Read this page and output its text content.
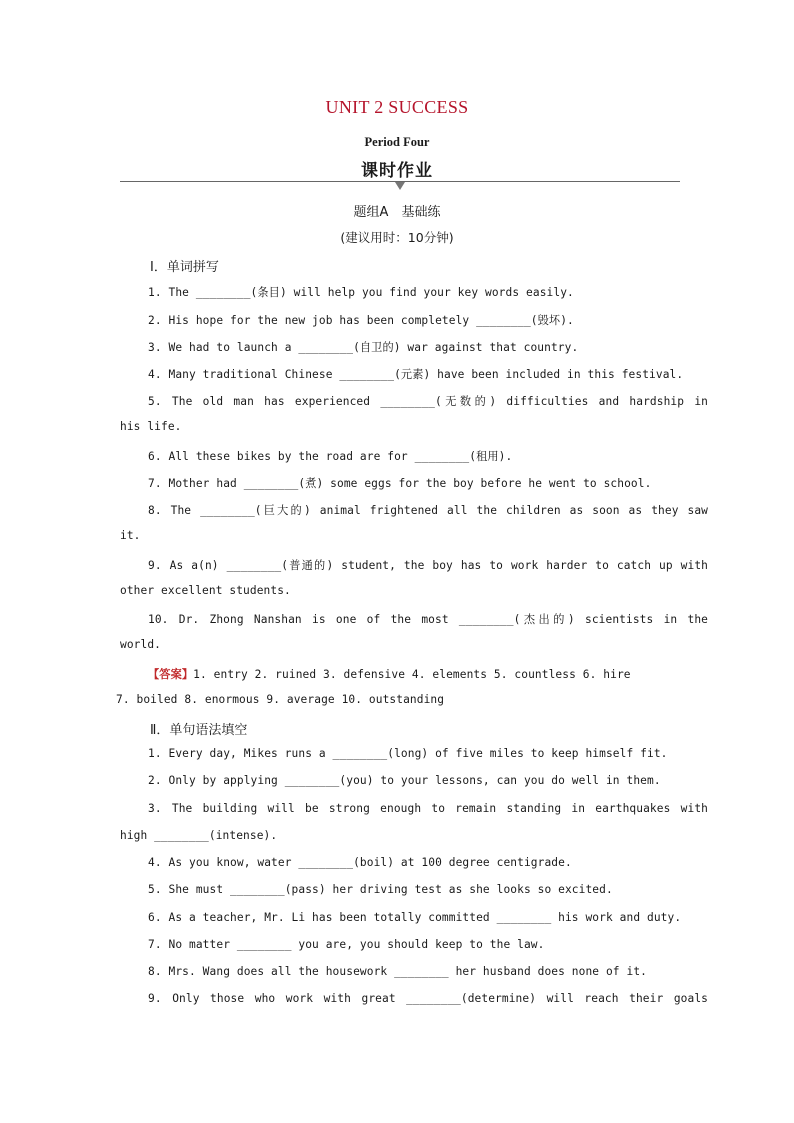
UNIT 2 SUCCESS
Period Four
课时作业
题组A　基础练
(建议用时：10分钟)
Ⅰ．单词拼写
1. The ________(条目) will help you find your key words easily.
2. His hope for the new job has been completely ________(毁坏).
3. We had to launch a ________(自卫的) war against that country.
4. Many traditional Chinese ________(元素) have been included in this festival.
5. The old man has experienced ________(无数的) difficulties and hardship in
his life.
6. All these bikes by the road are for ________(租用).
7. Mother had ________(煮) some eggs for the boy before he went to school.
8. The ________(巨大的) animal frightened all the children as soon as they saw
it.
9. As a(n) ________(普通的) student, the boy has to work harder to catch up with
other excellent students.
10. Dr. Zhong Nanshan is one of the most ________(杰出的) scientists in the
world.
【答案】1. entry 2. ruined 3. defensive 4. elements 5. countless 6. hire
7. boiled 8. enormous 9. average 10. outstanding
Ⅱ．单句语法填空
1. Every day, Mikes runs a ________(long) of five miles to keep himself fit.
2. Only by applying ________(you) to your lessons, can you do well in them.
3. The building will be strong enough to remain standing in earthquakes with
high ________(intense).
4. As you know, water ________(boil) at 100 degree centigrade.
5. She must ________(pass) her driving test as she looks so excited.
6. As a teacher, Mr. Li has been totally committed ________ his work and duty.
7. No matter ________ you are, you should keep to the law.
8. Mrs. Wang does all the housework ________ her husband does none of it.
9. Only those who work with great ________(determine) will reach their goals
